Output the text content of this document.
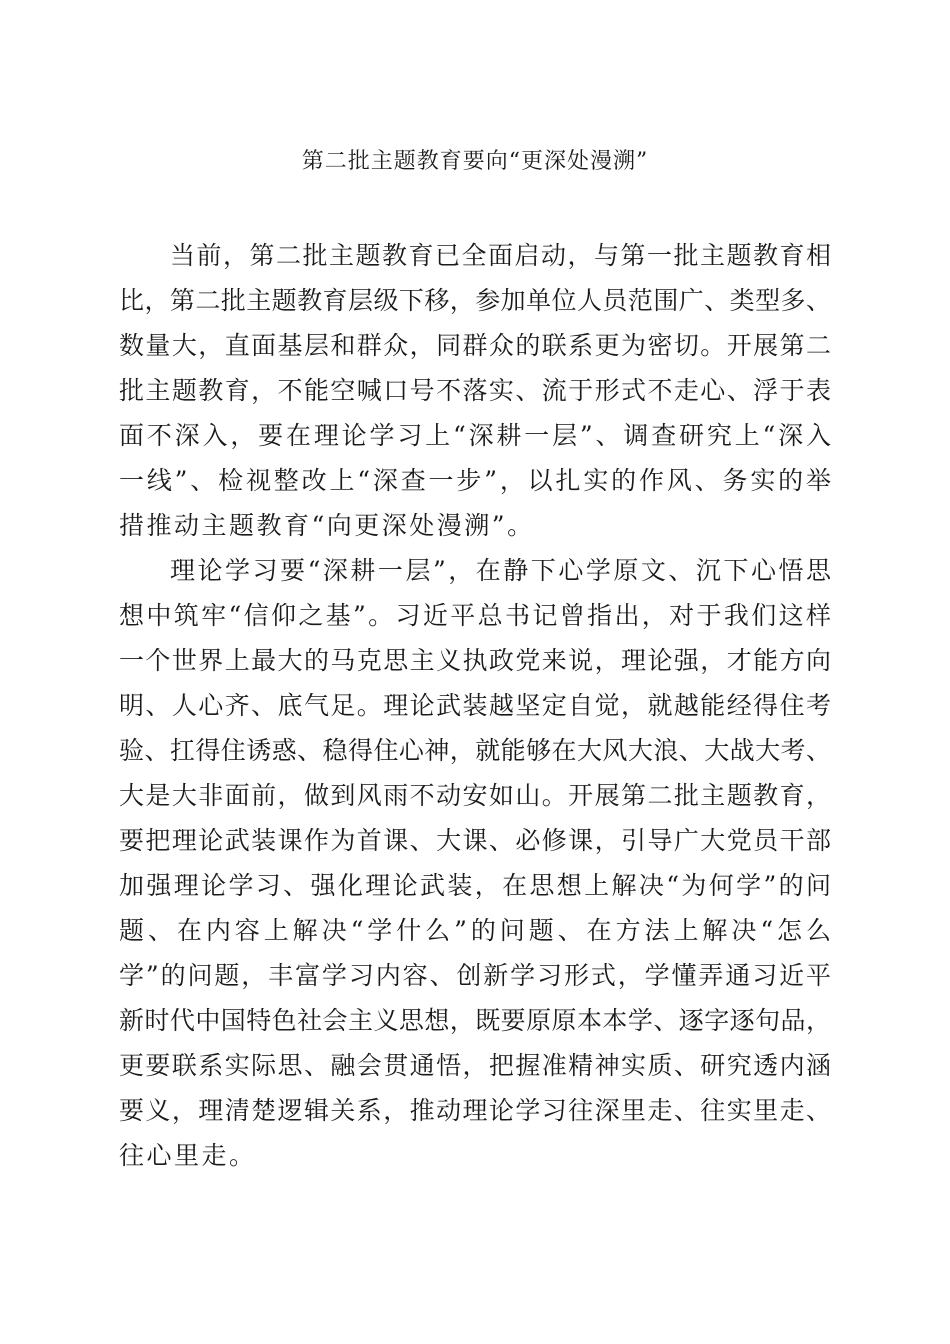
第二批主题教育要向“更深处漫溯”
当前，第二批主题教育已全面启动，与第一批主题教育相
比，第二批主题教育层级下移，参加单位人员范围广、类型多、
数量大，直面基层和群众，同群众的联系更为密切。开展第二
批主题教育，不能空喊口号不落实、流于形式不走心、浮于表
面不深入，要在理论学习上“深耕一层”、调查研究上“深入
一线”、检视整改上“深查一步”，以扎实的作风、务实的举
措推动主题教育“向更深处漫溯”。
理论学习要“深耕一层”，在静下心学原文、沉下心悟思
想中筑牢“信仰之基”。习近平总书记曾指出，对于我们这样
一个世界上最大的马克思主义执政党来说，理论强，才能方向
明、人心齐、底气足。理论武装越坚定自觉，就越能经得住考
验、扛得住诱惑、稳得住心神，就能够在大风大浪、大战大考、
大是大非面前，做到风雨不动安如山。开展第二批主题教育，
要把理论武装课作为首课、大课、必修课，引导广大党员干部
加强理论学习、强化理论武装，在思想上解决“为何学”的问
题、在内容上解决“学什么”的问题、在方法上解决“怎么
学”的问题，丰富学习内容、创新学习形式，学懂弄通习近平
新时代中国特色社会主义思想，既要原原本本学、逐字逐句品，
更要联系实际思、融会贯通悟，把握准精神实质、研究透内涵
要义，理清楚逻辑关系，推动理论学习往深里走、往实里走、
往心里走。
